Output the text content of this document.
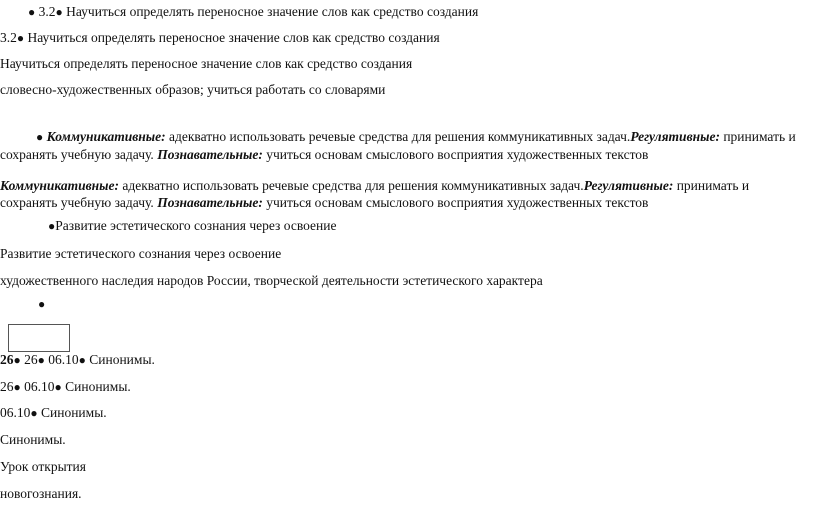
● 3.2● Научиться определять переносное значение слов как средство создания
3.2● Научиться определять переносное значение слов как средство создания
Научиться определять переносное значение слов как средство создания
словесно-художественных образов; учиться работать со словарями
● Коммуникативные: адекватно использовать речевые средства для решения коммуникативных задач.Регулятивные: принимать и сохранять учебную задачу. Познавательные: учиться основам смыслового восприятия художественных текстов
Коммуникативные: адекватно использовать речевые средства для решения коммуникативных задач.Регулятивные: принимать и сохранять учебную задачу. Познавательные: учиться основам смыслового восприятия художественных текстов
●Развитие эстетического сознания через освоение
Развитие эстетического сознания через освоение
художественного наследия народов России, творческой деятельности эстетического характера
●
26● 26● 06.10● Синонимы.
26● 06.10● Синонимы.
06.10● Синонимы.
Синонимы.
Урок открытия
новогознания.
